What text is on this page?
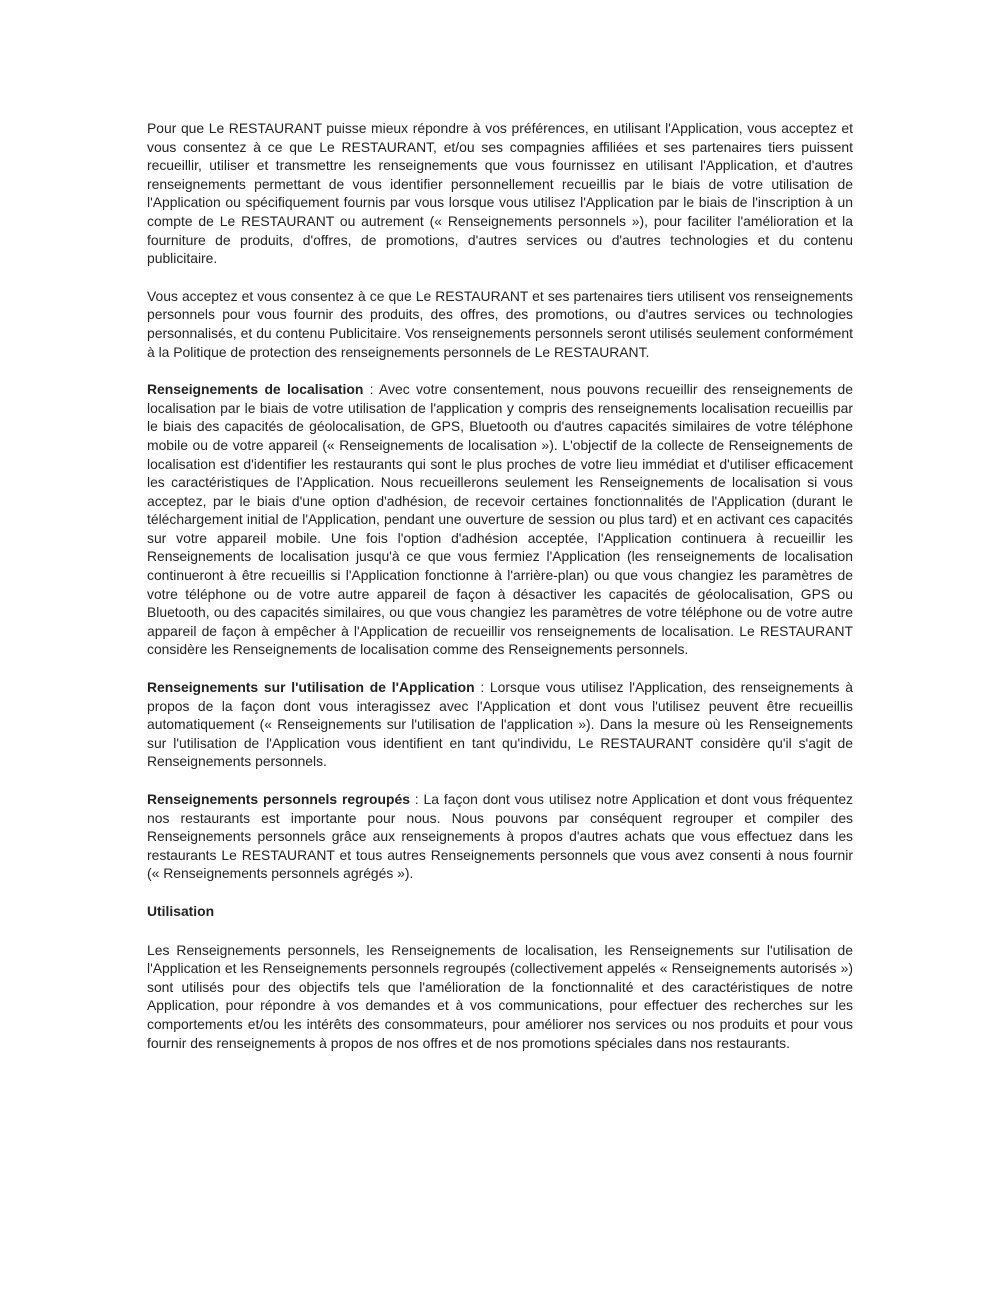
Pour que Le RESTAURANT puisse mieux répondre à vos préférences, en utilisant l'Application, vous acceptez et vous consentez à ce que Le RESTAURANT, et/ou ses compagnies affiliées et ses partenaires tiers puissent recueillir, utiliser et transmettre les renseignements que vous fournissez en utilisant l'Application, et d'autres renseignements permettant de vous identifier personnellement recueillis par le biais de votre utilisation de l'Application ou spécifiquement fournis par vous lorsque vous utilisez l'Application par le biais de l'inscription à un compte de Le RESTAURANT ou autrement (« Renseignements personnels »), pour faciliter l'amélioration et la fourniture de produits, d'offres, de promotions, d'autres services ou d'autres technologies et du contenu publicitaire.

Vous acceptez et vous consentez à ce que Le RESTAURANT et ses partenaires tiers utilisent vos renseignements personnels pour vous fournir des produits, des offres, des promotions, ou d'autres services ou technologies personnalisés, et du contenu Publicitaire. Vos renseignements personnels seront utilisés seulement conformément à la Politique de protection des renseignements personnels de Le RESTAURANT.

Renseignements de localisation : Avec votre consentement, nous pouvons recueillir des renseignements de localisation par le biais de votre utilisation de l'application y compris des renseignements localisation recueillis par le biais des capacités de géolocalisation, de GPS, Bluetooth ou d'autres capacités similaires de votre téléphone mobile ou de votre appareil (« Renseignements de localisation »). L'objectif de la collecte de Renseignements de localisation est d'identifier les restaurants qui sont le plus proches de votre lieu immédiat et d'utiliser efficacement les caractéristiques de l'Application. Nous recueillerons seulement les Renseignements de localisation si vous acceptez, par le biais d'une option d'adhésion, de recevoir certaines fonctionnalités de l'Application (durant le téléchargement initial de l'Application, pendant une ouverture de session ou plus tard) et en activant ces capacités sur votre appareil mobile. Une fois l'option d'adhésion acceptée, l'Application continuera à recueillir les Renseignements de localisation jusqu'à ce que vous fermiez l'Application (les renseignements de localisation continueront à être recueillis si l'Application fonctionne à l'arrière-plan) ou que vous changiez les paramètres de votre téléphone ou de votre autre appareil de façon à désactiver les capacités de géolocalisation, GPS ou Bluetooth, ou des capacités similaires, ou que vous changiez les paramètres de votre téléphone ou de votre autre appareil de façon à empêcher à l'Application de recueillir vos renseignements de localisation. Le RESTAURANT considère les Renseignements de localisation comme des Renseignements personnels.

Renseignements sur l'utilisation de l'Application : Lorsque vous utilisez l'Application, des renseignements à propos de la façon dont vous interagissez avec l'Application et dont vous l'utilisez peuvent être recueillis automatiquement (« Renseignements sur l'utilisation de l'application »). Dans la mesure où les Renseignements sur l'utilisation de l'Application vous identifient en tant qu'individu, Le RESTAURANT considère qu'il s'agit de Renseignements personnels.

Renseignements personnels regroupés : La façon dont vous utilisez notre Application et dont vous fréquentez nos restaurants est importante pour nous. Nous pouvons par conséquent regrouper et compiler des Renseignements personnels grâce aux renseignements à propos d'autres achats que vous effectuez dans les restaurants Le RESTAURANT et tous autres Renseignements personnels que vous avez consenti à nous fournir (« Renseignements personnels agrégés »).

Utilisation

Les Renseignements personnels, les Renseignements de localisation, les Renseignements sur l'utilisation de l'Application et les Renseignements personnels regroupés (collectivement appelés « Renseignements autorisés ») sont utilisés pour des objectifs tels que l'amélioration de la fonctionnalité et des caractéristiques de notre Application, pour répondre à vos demandes et à vos communications, pour effectuer des recherches sur les comportements et/ou les intérêts des consommateurs, pour améliorer nos services ou nos produits et pour vous fournir des renseignements à propos de nos offres et de nos promotions spéciales dans nos restaurants.
